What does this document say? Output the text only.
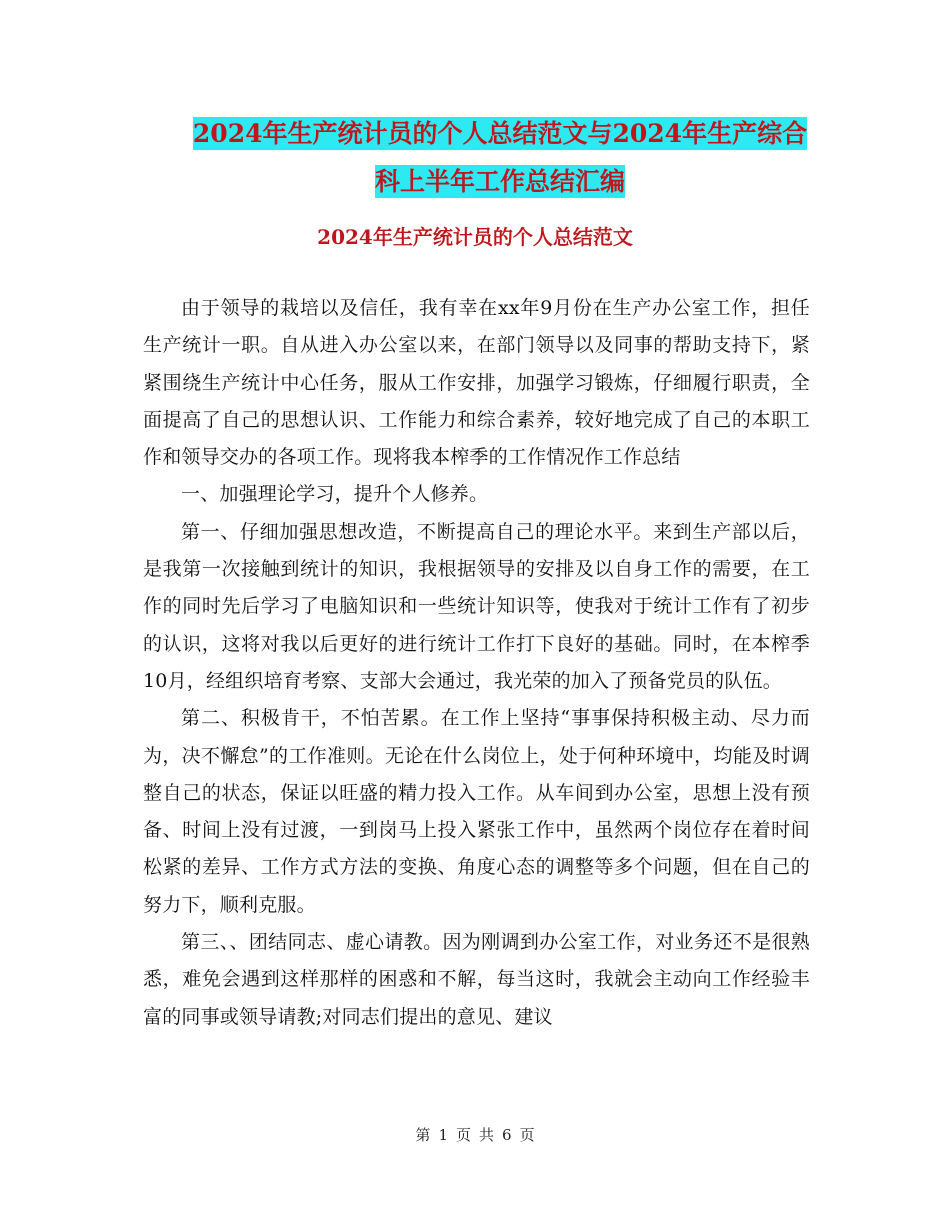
2024年生产统计员的个人总结范文与2024年生产综合
科上半年工作总结汇编
2024年生产统计员的个人总结范文

由于领导的栽培以及信任，我有幸在xx年9月份在生产办公室工作，担任生产统计一职。自从进入办公室以来，在部门领导以及同事的帮助支持下，紧紧围绕生产统计中心任务，服从工作安排，加强学习锻炼，仔细履行职责，全面提高了自己的思想认识、工作能力和综合素养，较好地完成了自己的本职工作和领导交办的各项工作。现将我本榨季的工作情况作工作总结

一、加强理论学习，提升个人修养。

第一、仔细加强思想改造，不断提高自己的理论水平。来到生产部以后，是我第一次接触到统计的知识，我根据领导的安排及以自身工作的需要，在工作的同时先后学习了电脑知识和一些统计知识等，使我对于统计工作有了初步的认识，这将对我以后更好的进行统计工作打下良好的基础。同时，在本榨季10月，经组织培育考察、支部大会通过，我光荣的加入了预备党员的队伍。

第二、积极肯干，不怕苦累。在工作上坚持“事事保持积极主动、尽力而为，决不懈怠”的工作准则。无论在什么岗位上，处于何种环境中，均能及时调整自己的状态，保证以旺盛的精力投入工作。从车间到办公室，思想上没有预备、时间上没有过渡，一到岗马上投入紧张工作中，虽然两个岗位存在着时间松紧的差异、工作方式方法的变换、角度心态的调整等多个问题，但在自己的努力下，顺利克服。

第三、、团结同志、虚心请教。因为刚调到办公室工作，对业务还不是很熟悉，难免会遇到这样那样的困惑和不解，每当这时，我就会主动向工作经验丰富的同事或领导请教;对同志们提出的意见、建议

第 1 页 共 6 页
